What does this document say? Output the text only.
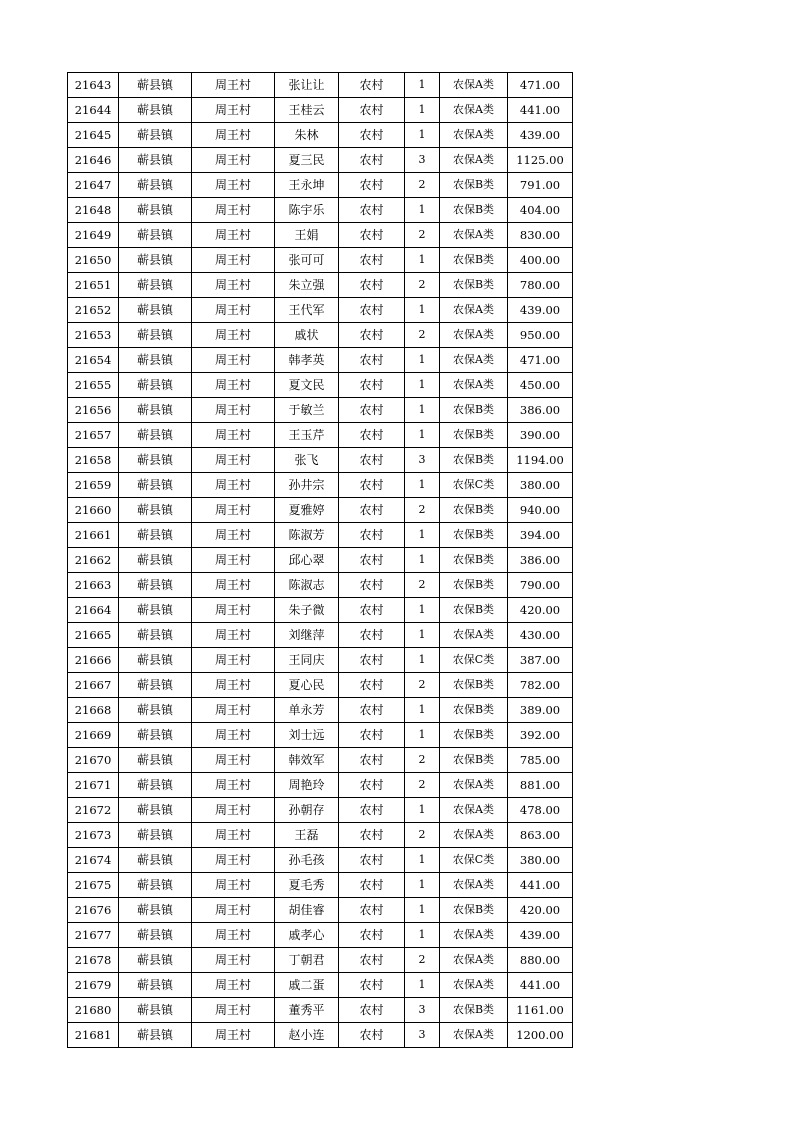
21643	蕲县镇	周王村	张让让	农村	1	农保A类	471.00
21644	蕲县镇	周王村	王桂云	农村	1	农保A类	441.00
21645	蕲县镇	周王村	朱林	农村	1	农保A类	439.00
21646	蕲县镇	周王村	夏三民	农村	3	农保A类	1125.00
21647	蕲县镇	周王村	王永坤	农村	2	农保B类	791.00
21648	蕲县镇	周王村	陈宇乐	农村	1	农保B类	404.00
21649	蕲县镇	周王村	王娟	农村	2	农保A类	830.00
21650	蕲县镇	周王村	张可可	农村	1	农保B类	400.00
21651	蕲县镇	周王村	朱立强	农村	2	农保B类	780.00
21652	蕲县镇	周王村	王代军	农村	1	农保A类	439.00
21653	蕲县镇	周王村	戚状	农村	2	农保A类	950.00
21654	蕲县镇	周王村	韩孝英	农村	1	农保A类	471.00
21655	蕲县镇	周王村	夏文民	农村	1	农保A类	450.00
21656	蕲县镇	周王村	于敏兰	农村	1	农保B类	386.00
21657	蕲县镇	周王村	王玉芹	农村	1	农保B类	390.00
21658	蕲县镇	周王村	张飞	农村	3	农保B类	1194.00
21659	蕲县镇	周王村	孙井宗	农村	1	农保C类	380.00
21660	蕲县镇	周王村	夏雅婷	农村	2	农保B类	940.00
21661	蕲县镇	周王村	陈淑芳	农村	1	农保B类	394.00
21662	蕲县镇	周王村	邱心翠	农村	1	农保B类	386.00
21663	蕲县镇	周王村	陈淑志	农村	2	农保B类	790.00
21664	蕲县镇	周王村	朱子微	农村	1	农保B类	420.00
21665	蕲县镇	周王村	刘继萍	农村	1	农保A类	430.00
21666	蕲县镇	周王村	王同庆	农村	1	农保C类	387.00
21667	蕲县镇	周王村	夏心民	农村	2	农保B类	782.00
21668	蕲县镇	周王村	单永芳	农村	1	农保B类	389.00
21669	蕲县镇	周王村	刘士远	农村	1	农保B类	392.00
21670	蕲县镇	周王村	韩效军	农村	2	农保B类	785.00
21671	蕲县镇	周王村	周艳玲	农村	2	农保A类	881.00
21672	蕲县镇	周王村	孙朝存	农村	1	农保A类	478.00
21673	蕲县镇	周王村	王磊	农村	2	农保A类	863.00
21674	蕲县镇	周王村	孙毛孩	农村	1	农保C类	380.00
21675	蕲县镇	周王村	夏毛秀	农村	1	农保A类	441.00
21676	蕲县镇	周王村	胡佳睿	农村	1	农保B类	420.00
21677	蕲县镇	周王村	戚孝心	农村	1	农保A类	439.00
21678	蕲县镇	周王村	丁朝君	农村	2	农保A类	880.00
21679	蕲县镇	周王村	戚二蛋	农村	1	农保A类	441.00
21680	蕲县镇	周王村	董秀平	农村	3	农保B类	1161.00
21681	蕲县镇	周王村	赵小连	农村	3	农保A类	1200.00
